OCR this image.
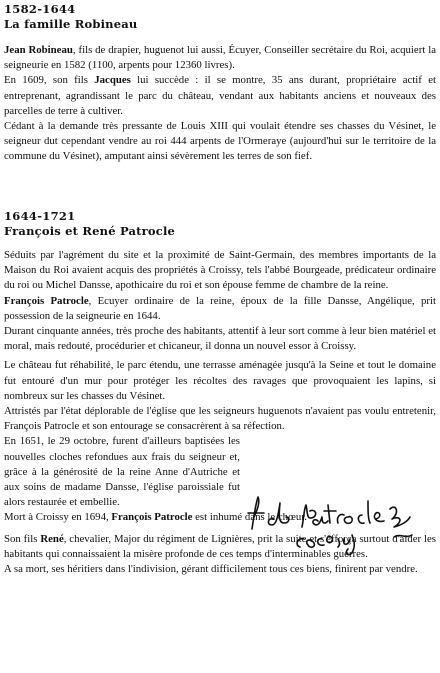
1582-1644
La famille Robineau

Jean Robineau, fils de drapier, huguenot lui aussi, Écuyer, Conseiller secrétaire du Roi, acquiert la seigneurie en 1582 (1100, arpents pour 12360 livres).

En 1609, son fils Jacques lui succède : il se montre, 35 ans durant, propriétaire actif et entreprenant, agrandissant le parc du château, vendant aux habitants anciens et nouveaux des parcelles de terre à cultiver.

Cédant à la demande très pressante de Louis XIII qui voulait étendre ses chasses du Vésinet, le seigneur dut cependant vendre au roi 444 arpents de l'Ormeraye (aujourd'hui sur le territoire de la commune du Vésinet), amputant ainsi sévèrement les terres de son fief.

1644-1721
François et René Patrocle

Séduits par l'agrément du site et la proximité de Saint-Germain, des membres importants de la Maison du Roi avaient acquis des propriétés à Croissy, tels l'abbé Bourgeade, prédicateur ordinaire du roi ou Michel Dansse, apothicaire du roi et son épouse femme de chambre de la reine.

François Patrocle, Ecuyer ordinaire de la reine, époux de la fille Dansse, Angélique, prit possession de la seigneurie en 1644.

Durant cinquante années, très proche des habitants, attentif à leur sort comme à leur bien matériel et moral, mais redouté, procédurier et chicaneur, il donna un nouvel essor à Croissy.

Le château fut réhabilité, le parc étendu, une terrasse aménagée jusqu'à la Seine et tout le domaine fut entouré d'un mur pour protéger les récoltes des ravages que provoquaient les lapins, si nombreux sur les chasses du Vésinet.

Attristés par l'état déplorable de l'église que les seigneurs huguenots n'avaient pas voulu entretenir, François Patrocle et son entourage se consacrèrent à sa réfection.

En 1651, le 29 octobre, furent d'ailleurs baptisées les nouvelles cloches refondues aux frais du seigneur et, grâce à la générosité de la reine Anne d'Autriche et aux soins de madame Dansse, l'église paroissiale fut alors restaurée et embellie.

Mort à Croissy en 1694, François Patrocle est inhumé dans le chœur.

Son fils René, chevalier, Major du régiment de Lignières, prit la suite et s'efforça surtout d'aider les habitants qui connaissaient la misère profonde de ces temps d'interminables guerres.

A sa mort, ses héritiers dans l'indivision, gérant difficilement tous ces biens, finirent par vendre.
